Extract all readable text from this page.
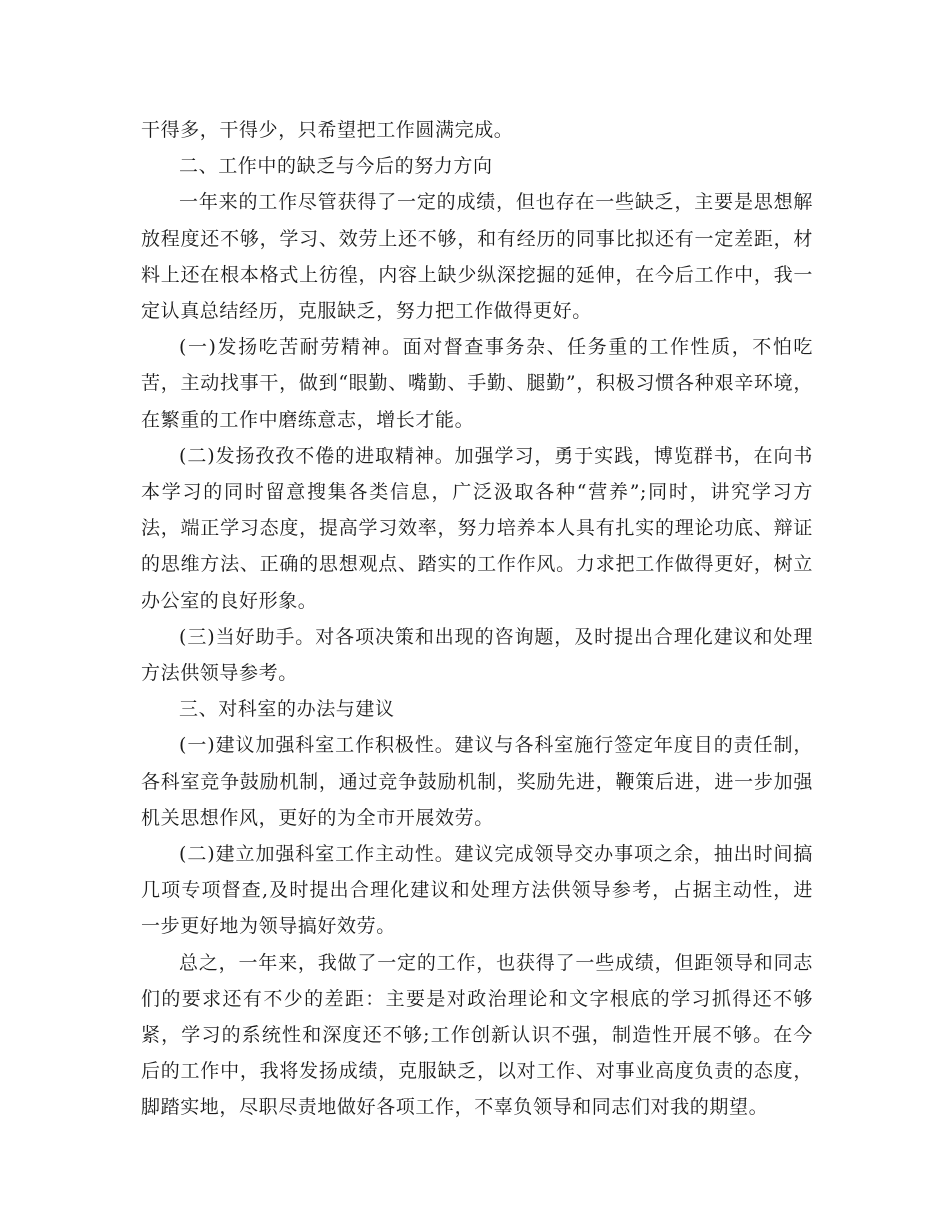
干得多，干得少，只希望把工作圆满完成。

二、工作中的缺乏与今后的努力方向

一年来的工作尽管获得了一定的成绩，但也存在一些缺乏，主要是思想解放程度还不够，学习、效劳上还不够，和有经历的同事比拟还有一定差距，材料上还在根本格式上彷徨，内容上缺少纵深挖掘的延伸，在今后工作中，我一定认真总结经历，克服缺乏，努力把工作做得更好。

(一)发扬吃苦耐劳精神。面对督查事务杂、任务重的工作性质，不怕吃苦，主动找事干，做到“眼勤、嘴勤、手勤、腿勤”，积极习惯各种艰辛环境，在繁重的工作中磨练意志，增长才能。

(二)发扬孜孜不倦的进取精神。加强学习，勇于实践，博览群书，在向书本学习的同时留意搜集各类信息，广泛汲取各种“营养”;同时，讲究学习方法，端正学习态度，提高学习效率，努力培养本人具有扎实的理论功底、辩证的思维方法、正确的思想观点、踏实的工作作风。力求把工作做得更好，树立办公室的良好形象。

(三)当好助手。对各项决策和出现的咨询题，及时提出合理化建议和处理方法供领导参考。

三、对科室的办法与建议

(一)建议加强科室工作积极性。建议与各科室施行签定年度目的责任制，各科室竞争鼓励机制，通过竞争鼓励机制，奖励先进，鞭策后进，进一步加强机关思想作风，更好的为全市开展效劳。

(二)建立加强科室工作主动性。建议完成领导交办事项之余，抽出时间搞几项专项督查,及时提出合理化建议和处理方法供领导参考，占据主动性，进一步更好地为领导搞好效劳。

总之，一年来，我做了一定的工作，也获得了一些成绩，但距领导和同志们的要求还有不少的差距：主要是对政治理论和文字根底的学习抓得还不够紧，学习的系统性和深度还不够;工作创新认识不强，制造性开展不够。在今后的工作中，我将发扬成绩，克服缺乏，以对工作、对事业高度负责的态度，脚踏实地，尽职尽责地做好各项工作，不辜负领导和同志们对我的期望。
